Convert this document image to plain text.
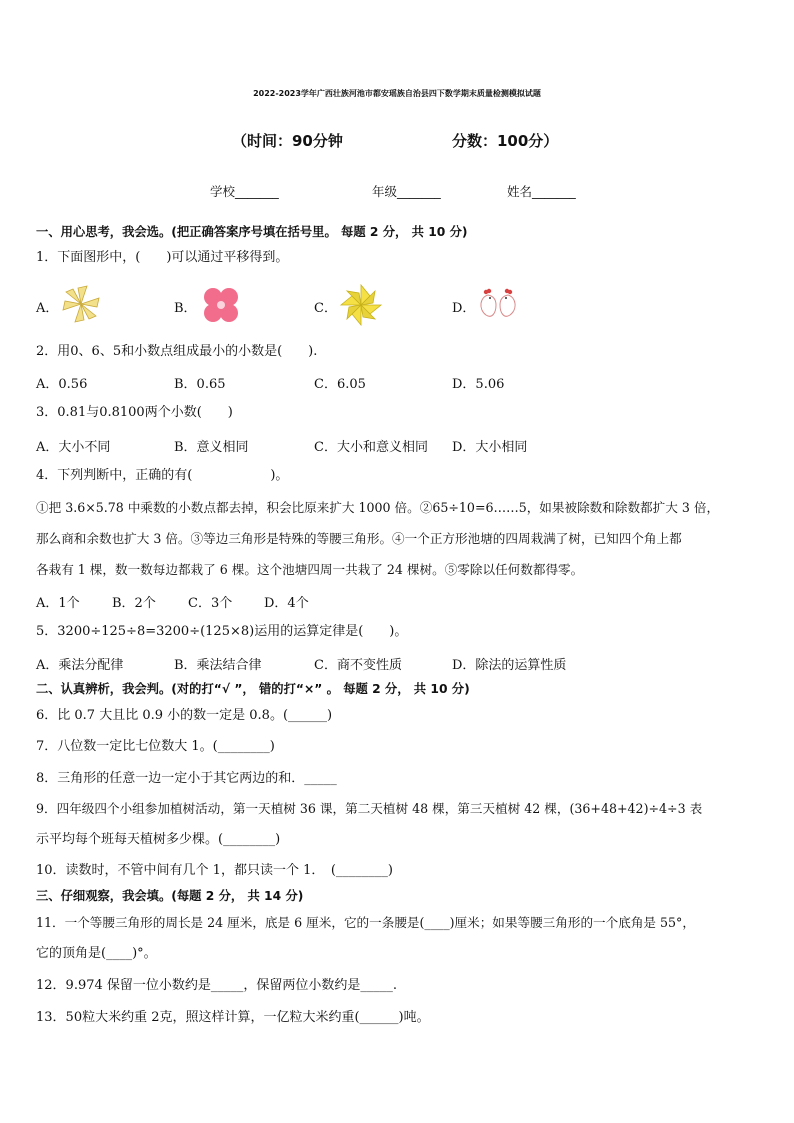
2022-2023学年广西壮族河池市都安瑶族自治县四下数学期末质量检测模拟试题
（时间：90分钟	分数：100分）
学校_______	年级_______	姓名_______
一、用心思考，我会选。(把正确答案序号填在括号里。 每题 2 分， 共 10 分)
1．下面图形中，(　　)可以通过平移得到。
A．	B．	C．	D．
2．用0、6、5和小数点组成最小的小数是(　　).
A．0.56	B．0.65	C．6.05	D．5.06
3．0.81与0.8100两个小数(　　)
A．大小不同	B．意义相同	C．大小和意义相同 D．大小相同
4．下列判断中，正确的有(　　　　　　)。
①把 3.6×5.78 中乘数的小数点都去掉，积会比原来扩大 1000 倍。②65÷10=6……5，如果被除数和除数都扩大 3 倍，
那么商和余数也扩大 3 倍。③等边三角形是特殊的等腰三角形。④一个正方形池塘的四周栽满了树，已知四个角上都
各栽有 1 棵，数一数每边都栽了 6 棵。这个池塘四周一共栽了 24 棵树。⑤零除以任何数都得零。
A．1个 B．2个 C．3个 D．4个
5．3200÷125÷8=3200÷(125×8)运用的运算定律是(　　)。
A．乘法分配律	B．乘法结合律	C．商不变性质	D．除法的运算性质
二、认真辨析，我会判。(对的打“√ ”， 错的打“×” 。 每题 2 分， 共 10 分)
6．比 0.7 大且比 0.9 小的数一定是 0.8。(______)
7．八位数一定比七位数大 1。(________)
8．三角形的任意一边一定小于其它两边的和．_____
9．四年级四个小组参加植树活动，第一天植树 36 课，第二天植树 48 棵，第三天植树 42 棵，(36+48+42)÷4÷3 表
示平均每个班每天植树多少棵。(________)
10．读数时，不管中间有几个 1，都只读一个 1．　(________)
三、仔细观察，我会填。(每题 2 分， 共 14 分)
11．一个等腰三角形的周长是 24 厘米，底是 6 厘米，它的一条腰是(____)厘米；如果等腰三角形的一个底角是 55°，
它的顶角是(____)°。
12．9.974 保留一位小数约是_____，保留两位小数约是_____.
13．50粒大米约重 2克，照这样计算，一亿粒大米约重(______)吨。
